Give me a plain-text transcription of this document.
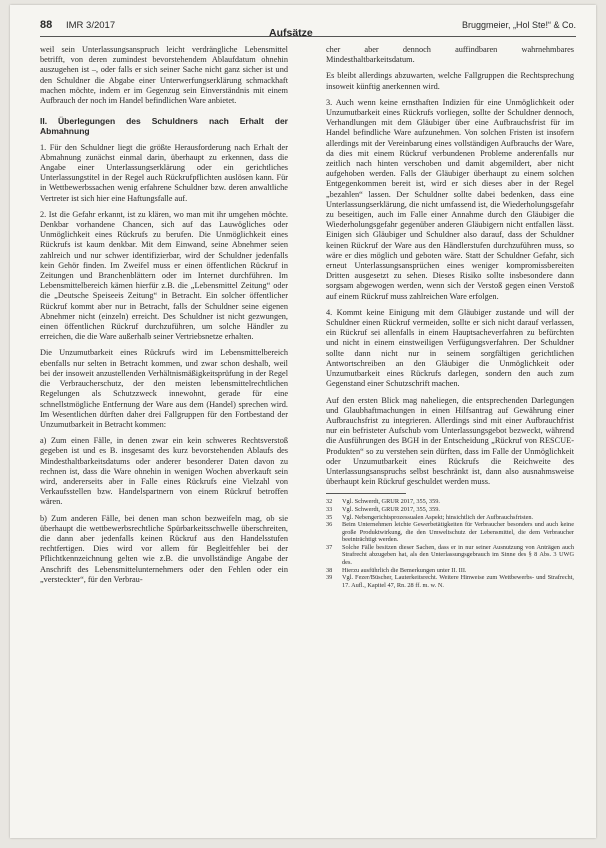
88 IMR 3/2017
Aufsätze
Bruggmeier, „Hol Ste!“ & Co.

weil sein Unterlassungsanspruch leicht verdrängliche Lebensmittel betrifft, von deren zumindest bevorstehendem Ablaufdatum ohnehin auszugehen ist –, oder falls er sich seiner Sache nicht ganz sicher ist und den Schuldner die Abgabe einer Unterwerfungserklärung schmackhaft machen möchte, indem er im Gegenzug sein Einverständnis mit einem Aufbrauch der noch im Handel befindlichen Ware anbietet.

II. Überlegungen des Schuldners nach Erhalt der Abmahnung

1. Für den Schuldner liegt die größte Herausforderung nach Erhalt der Abmahnung zunächst einmal darin, überhaupt zu erkennen, dass die Angabe einer Unterlassungserklärung oder ein gerichtliches Unterlassungstitel in der Regel auch Rückrufpflichten auslösen kann. Für in Wettbewerbssachen wenig erfahrene Schuldner bzw. deren anwaltliche Vertreter ist sich hier eine Haftungsfalle auf.

2. Ist die Gefahr erkannt, ist zu klären, wo man mit ihr umgehen möchte. Denkbar vorhandene Chancen, sich auf das Lauwögliches oder Unmöglichkeit eines Rückrufs zu berufen. Die Unmöglichkeit eines Rückrufs ist kaum denkbar. Mit dem Einwand, seine Abnehmer seien zahlreich und nur schwer identifizierbar, wird der Schuldner jedenfalls kein Gehör finden. Im Zweifel muss er einen öffentlichen Rückruf in Zeitungen und Branchenblättern oder im Internet durchführen. Im Lebensmittelbereich kämen hierfür z.B. die „Lebensmittel Zeitung“ oder die „Deutsche Speiseeis Zeitung“ in Betracht. Ein solcher öffentlicher Rückruf kommt aber nur in Betracht, falls der Schuldner seine eigenen Abnehmer nicht (einzeln) erreicht. Des Schuldner ist nicht gezwungen, einen öffentlichen Rückruf durchzuführen, um solche Händler zu erreichen, die die Ware außerhalb seiner Vertriebsnetze erhalten.

Die Unzumutbarkeit eines Rückrufs wird im Lebensmittelbereich ebenfalls nur selten in Betracht kommen, und zwar schon deshalb, weil bei der insoweit anzustellenden Verhältnismäßigkeitsprüfung in der Regel die Verbraucherschutz, der den meisten lebensmittelrechtlichen Regelungen als Schutzzweck innewohnt, gerade für eine schnellstmögliche Entfernung der Ware aus dem (Handel) sprechen wird. Im Wesentlichen dürften daher drei Fallgruppen für den Fortbestand der Unzumutbarkeit in Betracht kommen:

a) Zum einen Fälle, in denen zwar ein kein schweres Rechtsverstoß gegeben ist und es B. insgesamt des kurz bevorstehenden Ablaufs des Mindesthaltbarkeitsdatums oder anderer besonderer Daten davon zu rechnen ist, dass die Ware ohnehin in wenigen Wochen abverkauft sein wird, andererseits aber in Falle eines Rückrufs eine Vielzahl von Verkaufsstellen bzw. Handelspartnern von einem Rückruf betroffen wären.

b) Zum anderen Fälle, bei denen man schon bezweifeln mag, ob sie überhaupt die wettbewerbsrechtliche Spürbarkeitsschwelle überschreiten, die dann aber jedenfalls keinen Rückruf aus den Handelsstufen rechtfertigen. Dies wird vor allem für Begleitfehler bei der Pflichtkennzeichnung gelten wie z.B. die unvollständige Angabe der Anschrift des Lebensmittelunternehmers oder den Fehlen oder ein „versteckter“, für den Verbrau-

cher aber dennoch auffindbaren wahrnehmbares Mindesthaltbarkeitsdatum.

Es bleibt allerdings abzuwarten, welche Fallgruppen die Rechtsprechung insoweit künftig anerkennen wird.

3. Auch wenn keine ernsthaften Indizien für eine Unmöglichkeit oder Unzumutbarkeit eines Rückrufs vorliegen, sollte der Schuldner dennoch, Verhandlungen mit dem Gläubiger über eine Aufbrauchsfrist für im Handel befindliche Ware aufzunehmen. Von solchen Fristen ist insofern allerdings mit der Vereinbarung eines vollständigen Aufbrauchs der Ware, da dies mit einem Rückruf verbundenen Probleme anderenfalls nur zeitlich nach hinten verschoben und damit abgemildert, aber nicht aufgehoben werden. Falls der Gläubiger überhaupt zu einem solchen Entgegenkommen bereit ist, wird er sich dieses aber in der Regel „bezahlen“ lassen. Der Schuldner sollte dabei bedenken, dass eine Unterlassungserklärung, die nicht umfassend ist, die Wiederholungsgefahr zu beseitigen, auch im Falle einer Annahme durch den Gläubiger die Wiederholungsgefahr gegenüber anderen Gläubigern nicht entfallen lässt. Einigen sich Gläubiger und Schuldner also darauf, dass der Schuldner keinen Rückruf der Ware aus den Händlerstufen durchzuführen muss, so wäre er dies möglich und geboten wäre. Statt der Schuldner Gefahr, sich erneut Unterlassungsansprüchen eines weniger kompromissbereiten Dritten ausgesetzt zu sehen. Dieses Risiko sollte insbesondere dann sorgsam abgewogen werden, wenn sich der Verstoß gegen einen Verstoß auf einem Rückruf muss zahlreichen Ware erfolgen.

4. Kommt keine Einigung mit dem Gläubiger zustande und will der Schuldner einen Rückruf vermeiden, sollte er sich nicht darauf verlassen, ein Rückruf sei allenfalls in einem Hauptsacheverfahren zu befürchten und nicht in einem einstweiligen Verfügungsverfahren. Der Schuldner sollte dann nicht nur in seinem sorgfältigen gerichtlichen Antwortschreiben an den Gläubiger die Unmöglichkeit oder Unzumutbarkeit eines Rückrufs darlegen, sondern den auch zum Gegenstand einer Schutzschrift machen.

Auf den ersten Blick mag naheliegen, die entsprechenden Darlegungen und Glaubhaftmachungen in einen Hilfsantrag auf Gewährung einer Aufbrauchsfrist zu integrieren. Allerdings sind mit einer Aufbrauchfrist nur ein befristeter Aufschub vom Unterlassungsgebot bezweckt, während die Ausführungen des BGH in der Entscheidung „Rückruf von RESCUE-Produkten“ so zu verstehen sein dürften, dass im Falle der Unmöglichkeit oder Unzumutbarkeit eines Rückrufs die Reichweite des Unterlassungsanspruchs selbst beschränkt ist, dann also ausnahmsweise überhaupt kein Rückruf geschuldet werden muss.

32	Vgl. Schwerdt, GRUR 2017, 355, 359.

33	Vgl. Schwerdt, GRUR 2017, 355, 359.

35	Vgl. Nebengerichtsprozessualen Aspekt; hinsichtlich der Aufbrauchsfristen.

36	Beim Unternehmen leichte Gewerbetätigkeiten für Verbraucher besonders und auch keine große Produktwirkung, die den Umweltschutz der Lebensmittel, die dem Verbraucher beeinträchtigt werden.

37	Solche Fälle besitzen dieser Sachen, dass er in nur seiner Ausnutzung von Anträgen auch Strafrecht abzugeben hat, als den Unterlassungsgebrauch im Sinne des § 8 Abs. 3 UWG des.

38	Hierzu ausführlich die Bemerkungen unter II. III.

39	Vgl. Fezer/Büscher, Lauterkeitsrecht. Weitere Hinweise zum Wettbewerbs- und Strafrecht, 17. Aufl., Kapitel 47, Rn. 28 ff. m. w. N.
